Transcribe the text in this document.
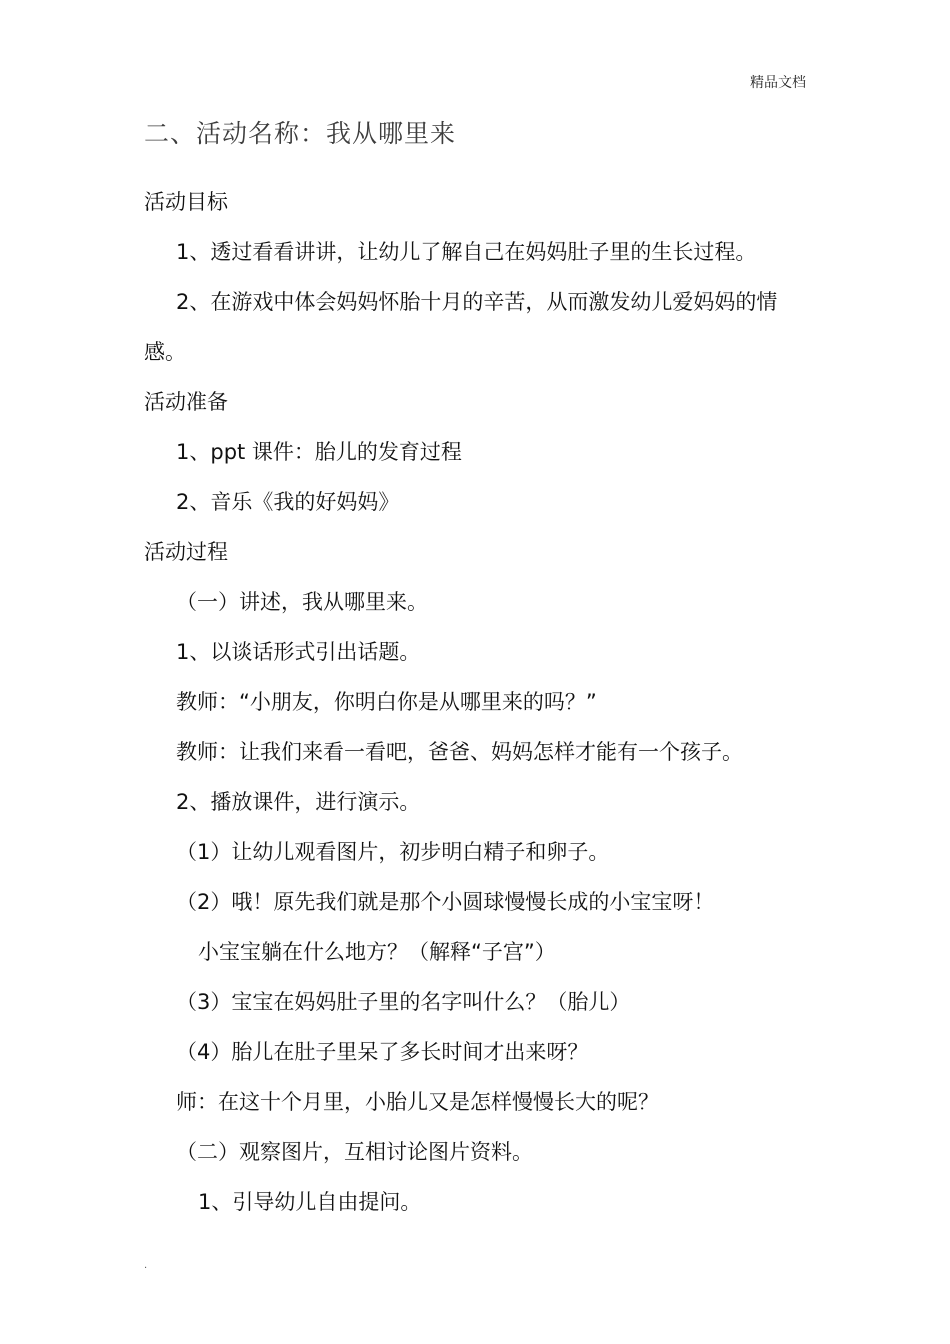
精品文档
二、活动名称：我从哪里来
活动目标
1、透过看看讲讲，让幼儿了解自己在妈妈肚子里的生长过程。
2、在游戏中体会妈妈怀胎十月的辛苦，从而激发幼儿爱妈妈的情
感。
活动准备
1、ppt 课件：胎儿的发育过程
2、音乐《我的好妈妈》
活动过程
（一）讲述，我从哪里来。
1、以谈话形式引出话题。
教师：“小朋友，你明白你是从哪里来的吗？”
教师：让我们来看一看吧，爸爸、妈妈怎样才能有一个孩子。
2、播放课件，进行演示。
（1）让幼儿观看图片，初步明白精子和卵子。
（2）哦！原先我们就是那个小圆球慢慢长成的小宝宝呀！
小宝宝躺在什么地方？（解释“子宫”）
（3）宝宝在妈妈肚子里的名字叫什么？（胎儿）
（4）胎儿在肚子里呆了多长时间才出来呀？
师：在这十个月里，小胎儿又是怎样慢慢长大的呢？
（二）观察图片，互相讨论图片资料。
1、引导幼儿自由提问。
.
